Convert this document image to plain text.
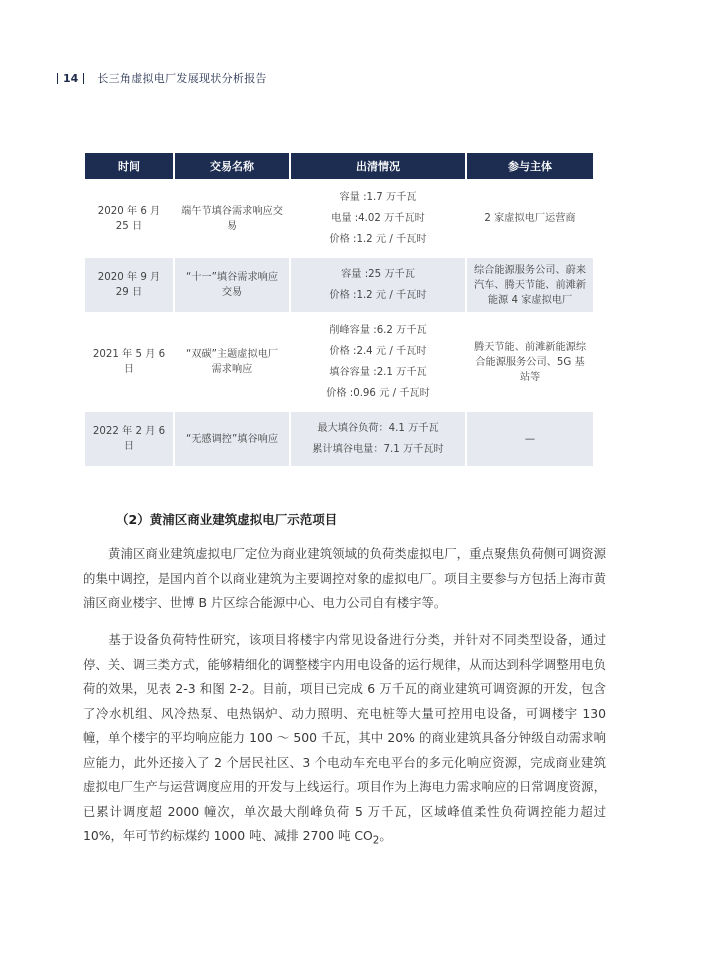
14 长三角虚拟电厂发展现状分析报告
时间	交易名称	出清情况	参与主体
2020 年 6 月 25 日	端午节填谷需求响应交易	容量 :1.7 万千瓦
电量 :4.02 万千瓦时
价格 :1.2 元 / 千瓦时	2 家虚拟电厂运营商
2020 年 9 月 29 日	“十一”填谷需求响应交易	容量 :25 万千瓦
价格 :1.2 元 / 千瓦时	综合能源服务公司、蔚来汽车、腾天节能、前滩新能源 4 家虚拟电厂
2021 年 5 月 6 日	“双碳”主题虚拟电厂需求响应	削峰容量 :6.2 万千瓦
价格 :2.4 元 / 千瓦时
填谷容量 :2.1 万千瓦
价格 :0.96 元 / 千瓦时	腾天节能、前滩新能源综合能源服务公司、5G 基站等
2022 年 2 月 6 日	“无感调控”填谷响应	最大填谷负荷：4.1 万千瓦
累计填谷电量：7.1 万千瓦时	—
（2）黄浦区商业建筑虚拟电厂示范项目

黄浦区商业建筑虚拟电厂定位为商业建筑领域的负荷类虚拟电厂，重点聚焦负荷侧可调资源的集中调控，是国内首个以商业建筑为主要调控对象的虚拟电厂。项目主要参与方包括上海市黄浦区商业楼宇、世博 B 片区综合能源中心、电力公司自有楼宇等。

基于设备负荷特性研究，该项目将楼宇内常见设备进行分类，并针对不同类型设备，通过停、关、调三类方式，能够精细化的调整楼宇内用电设备的运行规律，从而达到科学调整用电负荷的效果，见表 2-3 和图 2-2。目前，项目已完成 6 万千瓦的商业建筑可调资源的开发，包含了冷水机组、风冷热泵、电热锅炉、动力照明、充电桩等大量可控用电设备，可调楼宇 130 幢，单个楼宇的平均响应能力 100 ～ 500 千瓦，其中 20% 的商业建筑具备分钟级自动需求响应能力，此外还接入了 2 个居民社区、3 个电动车充电平台的多元化响应资源，完成商业建筑虚拟电厂生产与运营调度应用的开发与上线运行。项目作为上海电力需求响应的日常调度资源，已累计调度超 2000 幢次，单次最大削峰负荷 5 万千瓦，区域峰值柔性负荷调控能力超过 10%，年可节约标煤约 1000 吨、减排 2700 吨 $CO_2$。
